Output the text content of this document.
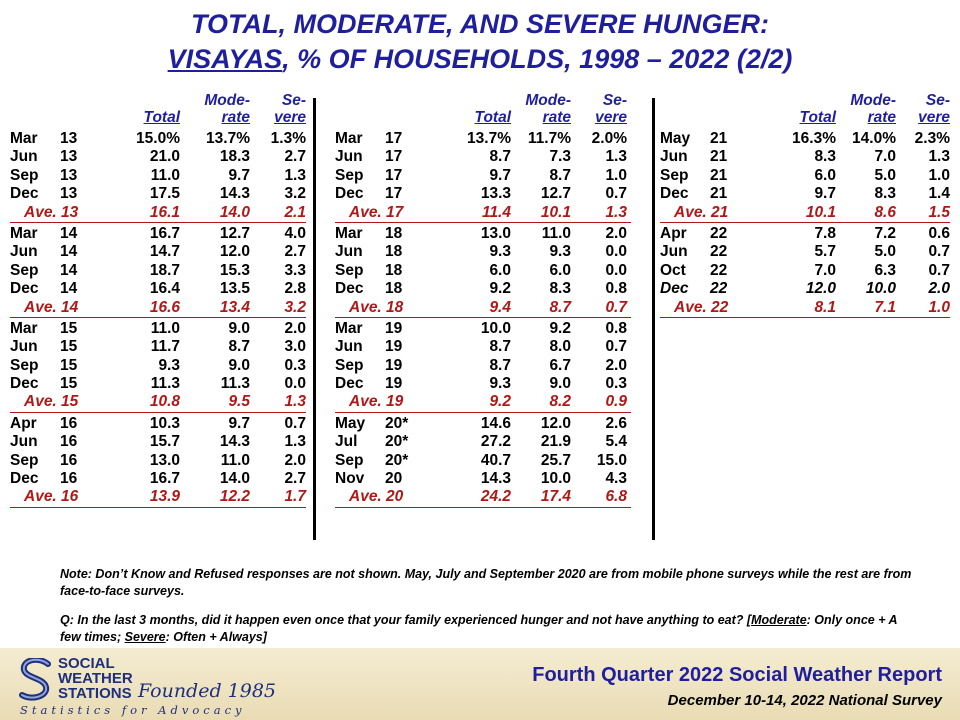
TOTAL, MODERATE, AND SEVERE HUNGER:
VISAYAS, % OF HOUSEHOLDS, 1998 – 2022 (2/2)
Mode-
rate
Se-
vere
Total
Mar 13	15.0%	13.7%	1.3%
Jun 13	21.0	18.3	2.7
Sep 13	11.0	9.7	1.3
Dec 13	17.5	14.3	3.2
Ave. 13	16.1	14.0	2.1
Mar 14	16.7	12.7	4.0
Jun 14	14.7	12.0	2.7
Sep 14	18.7	15.3	3.3
Dec 14	16.4	13.5	2.8
Ave. 14	16.6	13.4	3.2
Mar 15	11.0	9.0	2.0
Jun 15	11.7	8.7	3.0
Sep 15	9.3	9.0	0.3
Dec 15	11.3	11.3	0.0
Ave. 15	10.8	9.5	1.3
Apr 16	10.3	9.7	0.7
Jun 16	15.7	14.3	1.3
Sep 16	13.0	11.0	2.0
Dec 16	16.7	14.0	2.7
Ave. 16	13.9	12.2	1.7
Mode-
rate
Se-
vere
Total
Mar 17	13.7%	11.7%	2.0%
Jun 17	8.7	7.3	1.3
Sep 17	9.7	8.7	1.0
Dec 17	13.3	12.7	0.7
Ave. 17	11.4	10.1	1.3
Mar 18	13.0	11.0	2.0
Jun 18	9.3	9.3	0.0
Sep 18	6.0	6.0	0.0
Dec 18	9.2	8.3	0.8
Ave. 18	9.4	8.7	0.7
Mar 19	10.0	9.2	0.8
Jun 19	8.7	8.0	0.7
Sep 19	8.7	6.7	2.0
Dec 19	9.3	9.0	0.3
Ave. 19	9.2	8.2	0.9
May 20*	14.6	12.0	2.6
Jul 20*	27.2	21.9	5.4
Sep 20*	40.7	25.7	15.0
Nov 20	14.3	10.0	4.3
Ave. 20	24.2	17.4	6.8
Mode-
rate
Se-
vere
Total
May 21	16.3%	14.0%	2.3%
Jun 21	8.3	7.0	1.3
Sep 21	6.0	5.0	1.0
Dec 21	9.7	8.3	1.4
Ave. 21	10.1	8.6	1.5
Apr 22	7.8	7.2	0.6
Jun 22	5.7	5.0	0.7
Oct 22	7.0	6.3	0.7
Dec 22	12.0	10.0	2.0
Ave. 22	8.1	7.1	1.0

Note: Don’t Know and Refused responses are not shown. May, July and September 2020 are from mobile phone surveys while the rest are from face-to-face surveys.

Q: In the last 3 months, did it happen even once that your family experienced hunger and not have anything to eat? [Moderate: Only once + A few times; Severe: Often + Always]

SOCIAL
WEATHER
STATIONS Founded 1985
Statistics for Advocacy
Fourth Quarter 2022 Social Weather Report
December 10-14, 2022 National Survey
